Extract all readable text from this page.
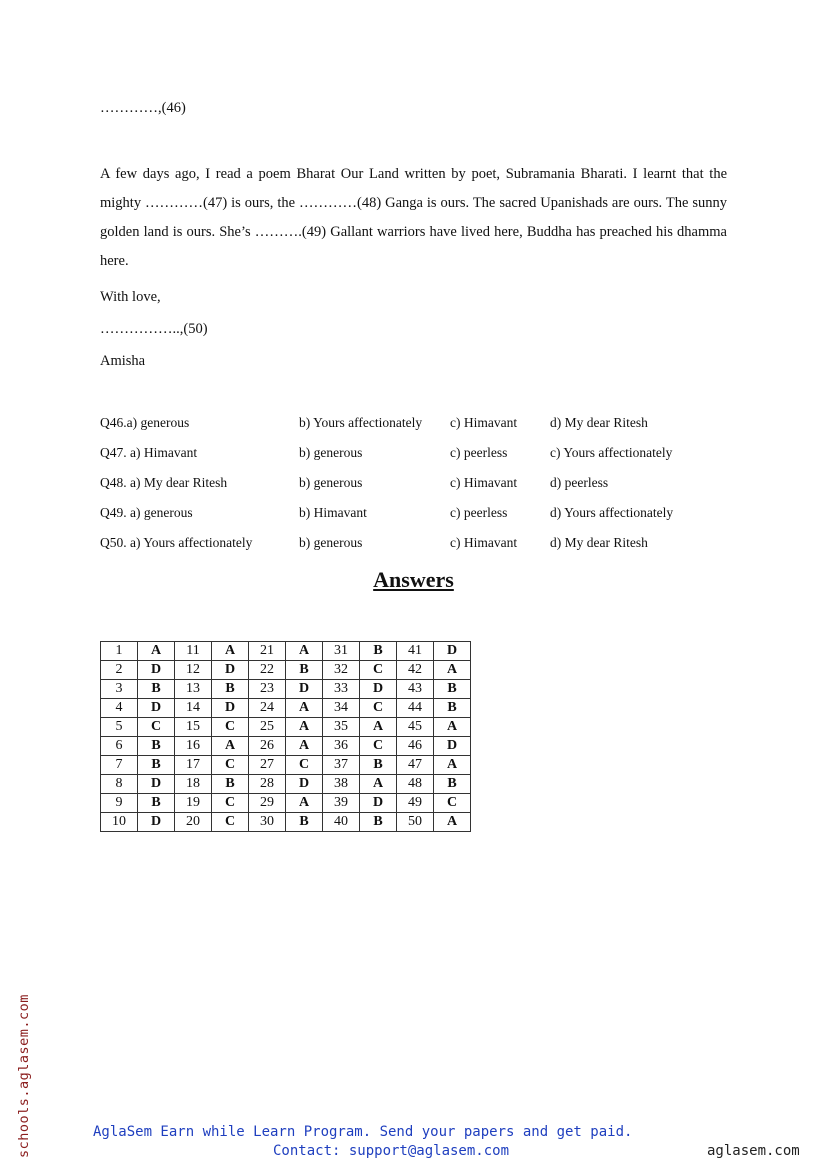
…………,(46)

A few days ago, I read a poem Bharat Our Land written by poet, Subramania Bharati. I learnt that the mighty …………(47) is ours, the …………(48) Ganga is ours. The sacred Upanishads are ours. The sunny golden land is ours. She’s ……….(49) Gallant warriors have lived here, Buddha has preached his dhamma here.

With love,
……………..,(50)
Amisha
Q46.a) generous	b) Yours affectionately c) Himavant d) My dear Ritesh
Q47. a) Himavant	b) generous	c) peerless	c) Yours affectionately
Q48. a) My dear Ritesh	b) generous	c) Himavant d) peerless
Q49. a) generous	b) Himavant	c) peerless	d) Yours affectionately
Q50. a) Yours affectionately	b) generous	c) Himavant d) My dear Ritesh
Answers
1	A	11	A	21	A	31	B	41	D
2	D	12	D	22	B	32	C	42	A
3	B	13	B	23	D	33	D	43	B
4	D	14	D	24	A	34	C	44	B
5	C	15	C	25	A	35	A	45	A
6	B	16	A	26	A	36	C	46	D
7	B	17	C	27	C	37	B	47	A
8	D	18	B	28	D	38	A	48	B
9	B	19	C	29	A	39	D	49	C
10	D	20	C	30	B	40	B	50	A
schools.aglasem.com	AglaSem Earn while Learn Program. Send your papers and get paid.
Contact: support@aglasem.com	aglasem.com
